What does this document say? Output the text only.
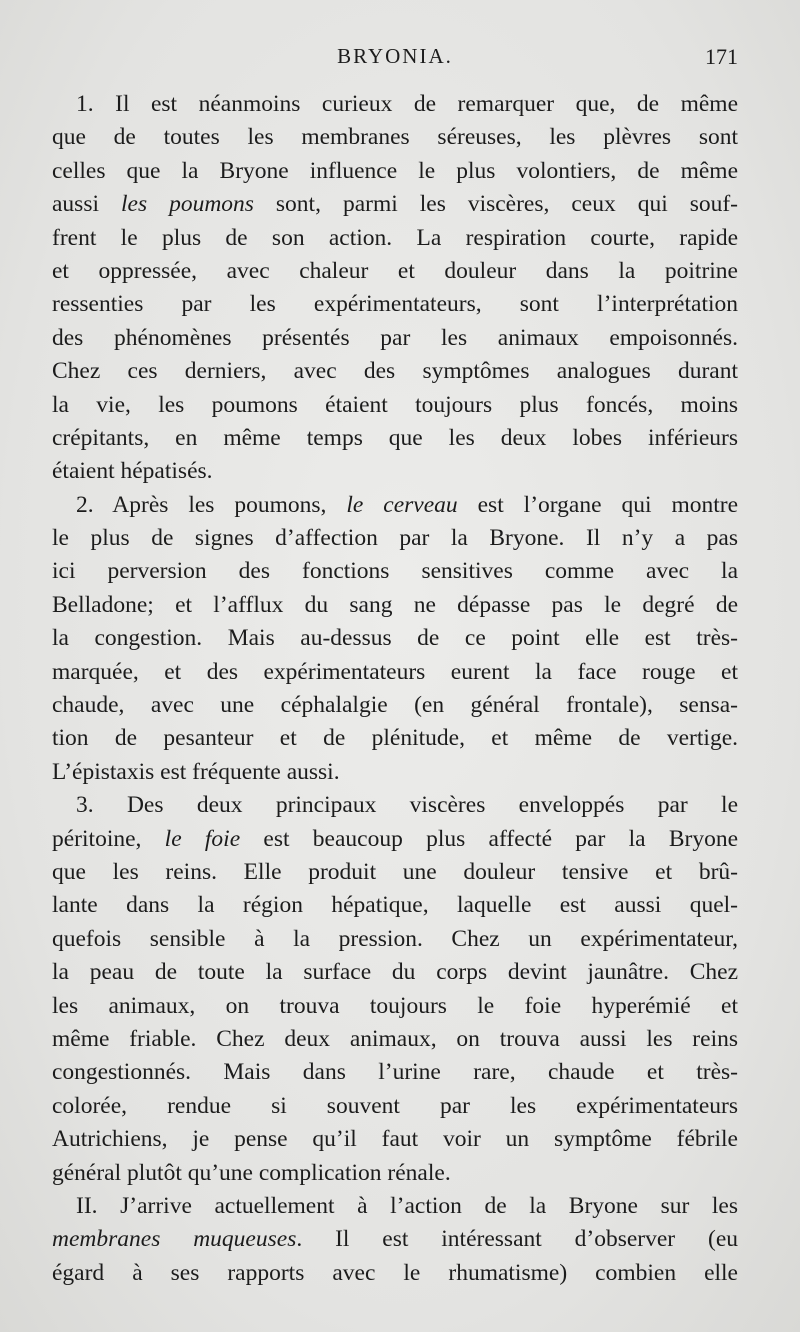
BRYONIA.	171
1. Il est néanmoins curieux de remarquer que, de même
que de toutes les membranes séreuses, les plèvres sont
celles que la Bryone influence le plus volontiers, de même
aussi les poumons sont, parmi les viscères, ceux qui souf-
frent le plus de son action. La respiration courte, rapide
et oppressée, avec chaleur et douleur dans la poitrine
ressenties par les expérimentateurs, sont l’interprétation
des phénomènes présentés par les animaux empoisonnés.
Chez ces derniers, avec des symptômes analogues durant
la vie, les poumons étaient toujours plus foncés, moins
crépitants, en même temps que les deux lobes inférieurs
étaient hépatisés.
2. Après les poumons, le cerveau est l’organe qui montre
le plus de signes d’affection par la Bryone. Il n’y a pas
ici perversion des fonctions sensitives comme avec la
Belladone; et l’afflux du sang ne dépasse pas le degré de
la congestion. Mais au-dessus de ce point elle est très-
marquée, et des expérimentateurs eurent la face rouge et
chaude, avec une céphalalgie (en général frontale), sensa-
tion de pesanteur et de plénitude, et même de vertige.
L’épistaxis est fréquente aussi.
3. Des deux principaux viscères enveloppés par le
péritoine, le foie est beaucoup plus affecté par la Bryone
que les reins. Elle produit une douleur tensive et brû-
lante dans la région hépatique, laquelle est aussi quel-
quefois sensible à la pression. Chez un expérimentateur,
la peau de toute la surface du corps devint jaunâtre. Chez
les animaux, on trouva toujours le foie hyperémié et
même friable. Chez deux animaux, on trouva aussi les reins
congestionnés. Mais dans l’urine rare, chaude et très-
colorée, rendue si souvent par les expérimentateurs
Autrichiens, je pense qu’il faut voir un symptôme fébrile
général plutôt qu’une complication rénale.
II. J’arrive actuellement à l’action de la Bryone sur les
membranes muqueuses. Il est intéressant d’observer (eu
égard à ses rapports avec le rhumatisme) combien elle
